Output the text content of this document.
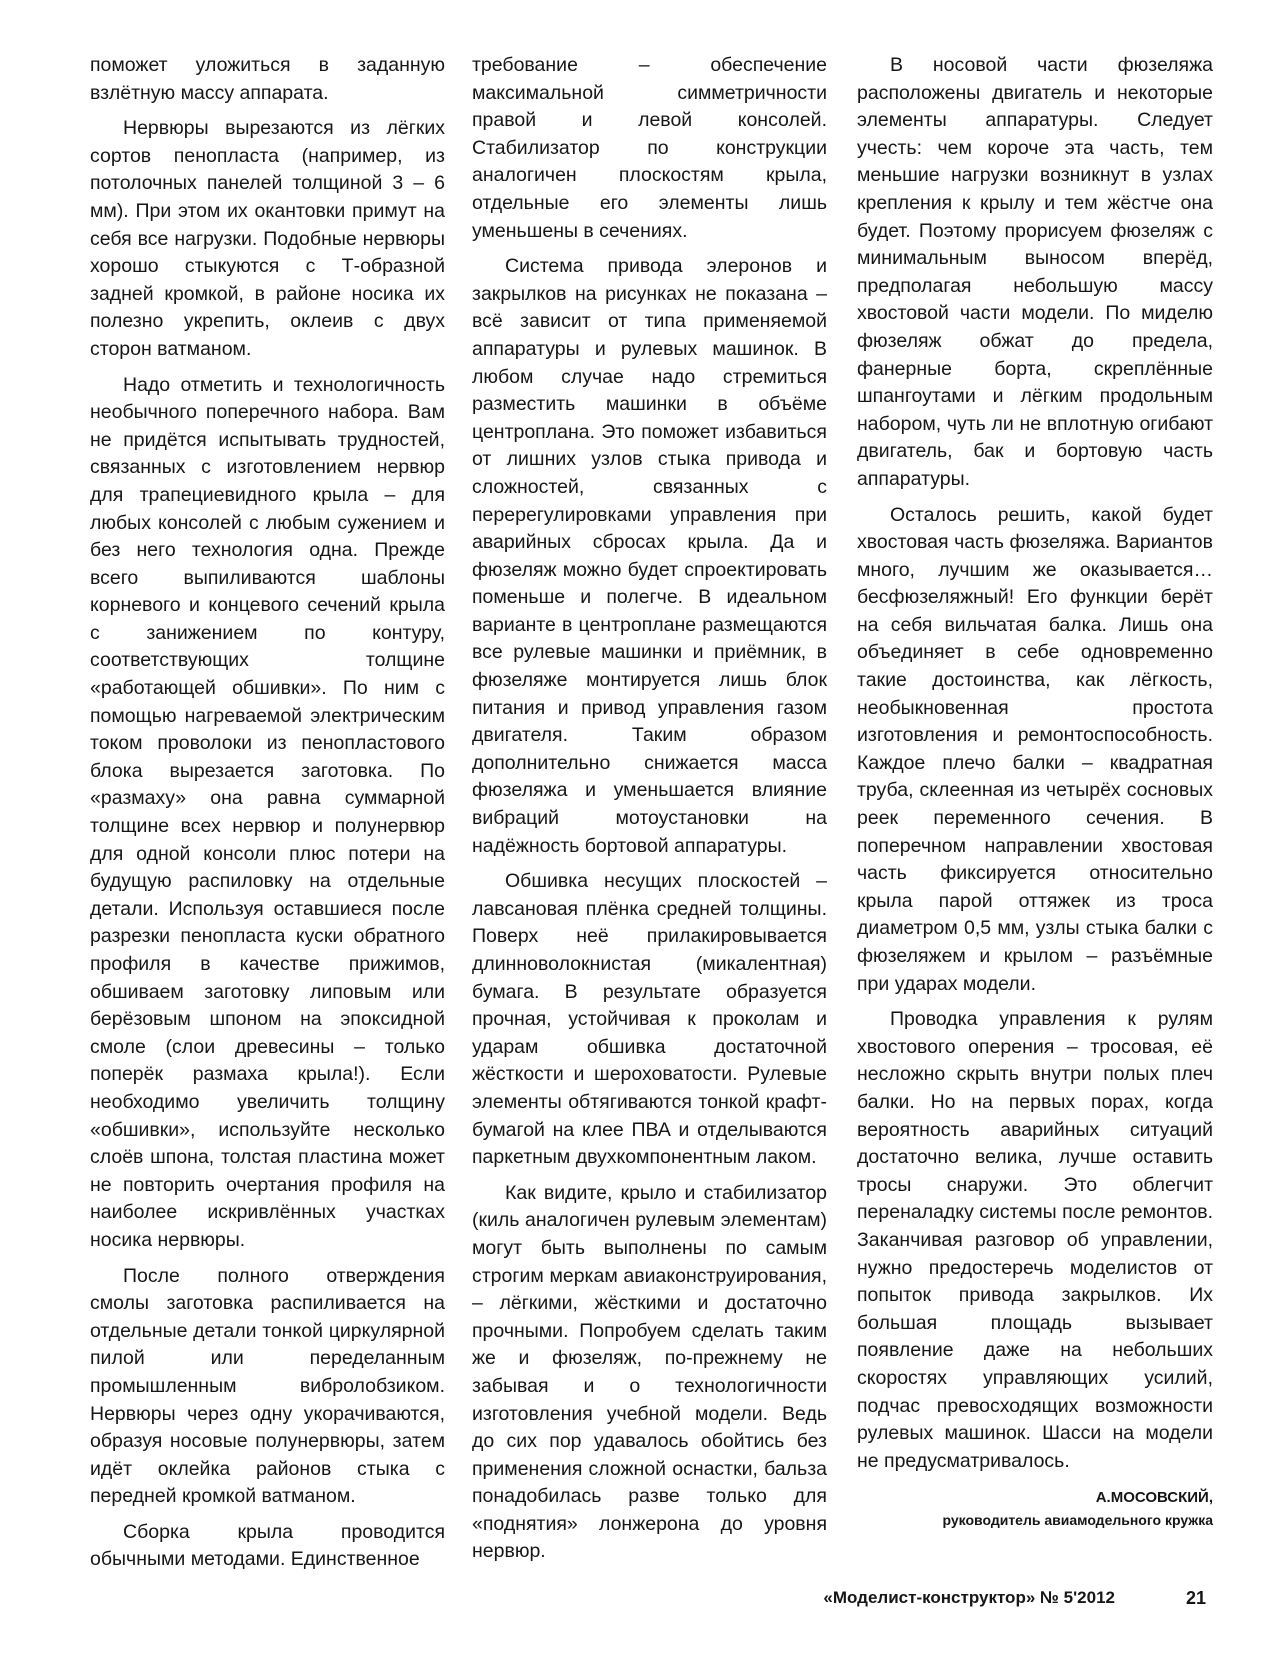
поможет уложиться в заданную взлётную массу аппарата.

Нервюры вырезаются из лёгких сортов пенопласта (например, из потолочных панелей толщиной 3 – 6 мм). При этом их окантовки примут на себя все нагрузки. Подобные нервюры хорошо стыкуются с Т-образной задней кромкой, в районе носика их полезно укрепить, оклеив с двух сторон ватманом.

Надо отметить и технологичность необычного поперечного набора. Вам не придётся испытывать трудностей, связанных с изготовлением нервюр для трапециевидного крыла – для любых консолей с любым сужением и без него технология одна. Прежде всего выпиливаются шаблоны корневого и концевого сечений крыла с занижением по контуру, соответствующих толщине «работающей обшивки». По ним с помощью нагреваемой электрическим током проволоки из пенопластового блока вырезается заготовка. По «размаху» она равна суммарной толщине всех нервюр и полунервюр для одной консоли плюс потери на будущую распиловку на отдельные детали. Используя оставшиеся после разрезки пенопласта куски обратного профиля в качестве прижимов, обшиваем заготовку липовым или берёзовым шпоном на эпоксидной смоле (слои древесины – только поперёк размаха крыла!). Если необходимо увеличить толщину «обшивки», используйте несколько слоёв шпона, толстая пластина может не повторить очертания профиля на наиболее искривлённых участках носика нервюры.

После полного отверждения смолы заготовка распиливается на отдельные детали тонкой циркулярной пилой или переделанным промышленным вибролобзиком. Нервюры через одну укорачиваются, образуя носовые полунервюры, затем идёт оклейка районов стыка с передней кромкой ватманом.

Сборка крыла проводится обычными методами. Единственное

требование – обеспечение максимальной симметричности правой и левой консолей. Стабилизатор по конструкции аналогичен плоскостям крыла, отдельные его элементы лишь уменьшены в сечениях.

Система привода элеронов и закрылков на рисунках не показана – всё зависит от типа применяемой аппаратуры и рулевых машинок. В любом случае надо стремиться разместить машинки в объёме центроплана. Это поможет избавиться от лишних узлов стыка привода и сложностей, связанных с перерегулировками управления при аварийных сбросах крыла. Да и фюзеляж можно будет спроектировать поменьше и полегче. В идеальном варианте в центроплане размещаются все рулевые машинки и приёмник, в фюзеляже монтируется лишь блок питания и привод управления газом двигателя. Таким образом дополнительно снижается масса фюзеляжа и уменьшается влияние вибраций мотоустановки на надёжность бортовой аппаратуры.

Обшивка несущих плоскостей – лавсановая плёнка средней толщины. Поверх неё прилакировывается длинноволокнистая (микалентная) бумага. В результате образуется прочная, устойчивая к проколам и ударам обшивка достаточной жёсткости и шероховатости. Рулевые элементы обтягиваются тонкой крафт-бумагой на клее ПВА и отделываются паркетным двухкомпонентным лаком.

Как видите, крыло и стабилизатор (киль аналогичен рулевым элементам) могут быть выполнены по самым строгим меркам авиаконструирования, – лёгкими, жёсткими и достаточно прочными. Попробуем сделать таким же и фюзеляж, по-прежнему не забывая и о технологичности изготовления учебной модели. Ведь до сих пор удавалось обойтись без применения сложной оснастки, бальза понадобилась разве только для «поднятия» лонжерона до уровня нервюр.

В носовой части фюзеляжа расположены двигатель и некоторые элементы аппаратуры. Следует учесть: чем короче эта часть, тем меньшие нагрузки возникнут в узлах крепления к крылу и тем жёстче она будет. Поэтому прорисуем фюзеляж с минимальным выносом вперёд, предполагая небольшую массу хвостовой части модели. По миделю фюзеляж обжат до предела, фанерные борта, скреплённые шпангоутами и лёгким продольным набором, чуть ли не вплотную огибают двигатель, бак и бортовую часть аппаратуры.

Осталось решить, какой будет хвостовая часть фюзеляжа. Вариантов много, лучшим же оказывается… бесфюзеляжный! Его функции берёт на себя вильчатая балка. Лишь она объединяет в себе одновременно такие достоинства, как лёгкость, необыкновенная простота изготовления и ремонтоспособность. Каждое плечо балки – квадратная труба, склеенная из четырёх сосновых реек переменного сечения. В поперечном направлении хвостовая часть фиксируется относительно крыла парой оттяжек из троса диаметром 0,5 мм, узлы стыка балки с фюзеляжем и крылом – разъёмные при ударах модели.

Проводка управления к рулям хвостового оперения – тросовая, её несложно скрыть внутри полых плеч балки. Но на первых порах, когда вероятность аварийных ситуаций достаточно велика, лучше оставить тросы снаружи. Это облегчит переналадку системы после ремонтов. Заканчивая разговор об управлении, нужно предостеречь моделистов от попыток привода закрылков. Их большая площадь вызывает появление даже на небольших скоростях управляющих усилий, подчас превосходящих возможности рулевых машинок. Шасси на модели не предусматривалось.

А.МОСОВСКИЙ,
руководитель авиамодельного кружка
«Моделист-конструктор» № 5'2012	21
